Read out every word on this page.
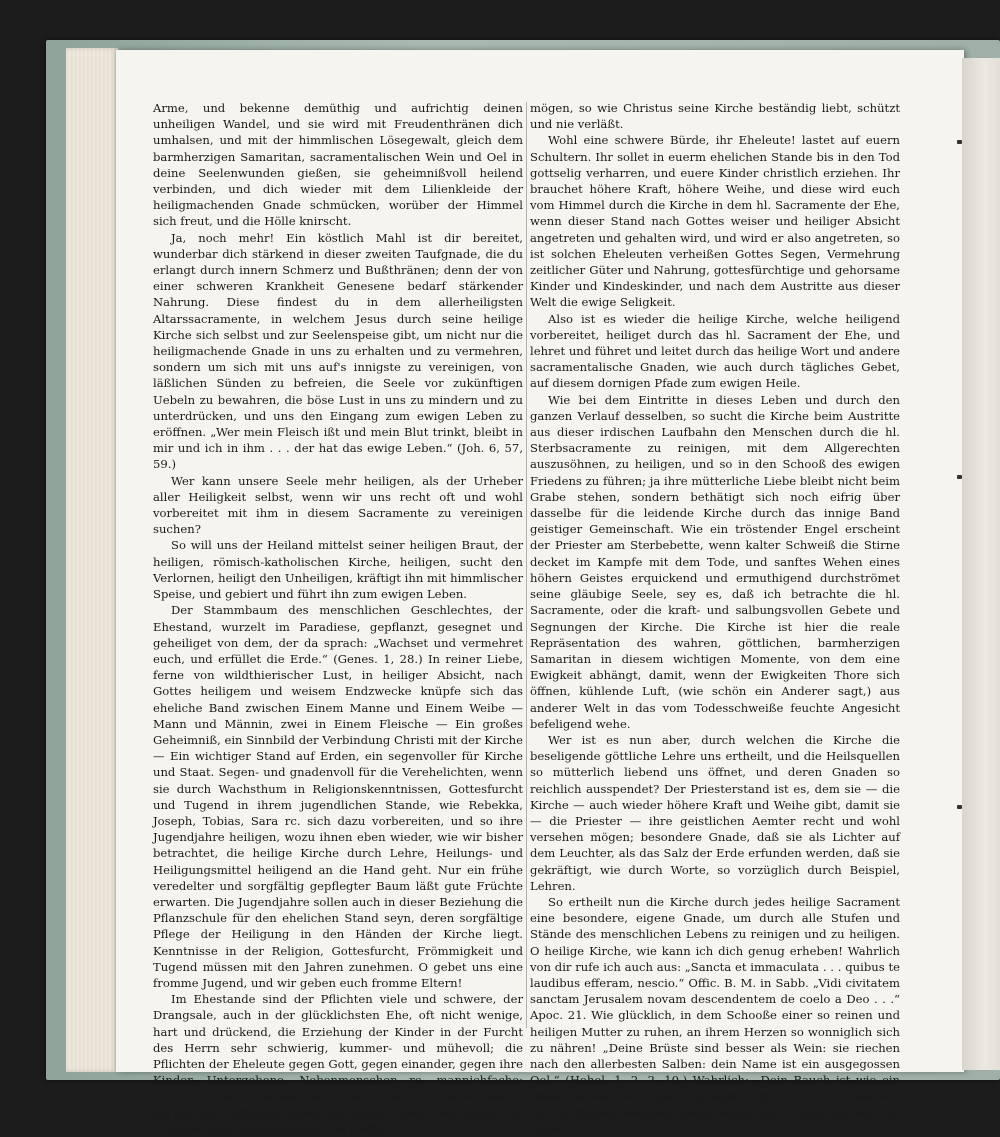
Arme, und bekenne demüthig und aufrichtig deinen unheiligen Wandel, und sie wird mit Freudenthränen dich umhalsen, und mit der himmlischen Lösegewalt, gleich dem barmherzigen Samaritan, sacramentalischen Wein und Oel in deine Seelenwunden gießen, sie geheimnißvoll heilend verbinden, und dich wieder mit dem Lilienkleide der heiligmachenden Gnade schmücken, worüber der Himmel sich freut, und die Hölle knirscht.

Ja, noch mehr! Ein köstlich Mahl ist dir bereitet, wunderbar dich stärkend in dieser zweiten Taufgnade, die du erlangt durch innern Schmerz und Bußthränen; denn der von einer schweren Krankheit Genesene bedarf stärkender Nahrung. Diese findest du in dem allerheiligsten Altarssacramente, in welchem Jesus durch seine heilige Kirche sich selbst und zur Seelenspeise gibt, um nicht nur die heiligmachende Gnade in uns zu erhalten und zu vermehren, sondern um sich mit uns auf's innigste zu vereinigen, von läßlichen Sünden zu befreien, die Seele vor zukünftigen Uebeln zu bewahren, die böse Lust in uns zu mindern und zu unterdrücken, und uns den Eingang zum ewigen Leben zu eröffnen. „Wer mein Fleisch ißt und mein Blut trinkt, bleibt in mir und ich in ihm . . . der hat das ewige Leben.“ (Joh. 6, 57, 59.)

Wer kann unsere Seele mehr heiligen, als der Urheber aller Heiligkeit selbst, wenn wir uns recht oft und wohl vorbereitet mit ihm in diesem Sacramente zu vereinigen suchen?

So will uns der Heiland mittelst seiner heiligen Braut, der heiligen, römisch-katholischen Kirche, heiligen, sucht den Verlornen, heiligt den Unheiligen, kräftigt ihn mit himmlischer Speise, und gebiert und führt ihn zum ewigen Leben.

Der Stammbaum des menschlichen Geschlechtes, der Ehestand, wurzelt im Paradiese, gepflanzt, gesegnet und geheiliget von dem, der da sprach: „Wachset und vermehret euch, und erfüllet die Erde.“ (Genes. 1, 28.) In reiner Liebe, ferne von wildthierischer Lust, in heiliger Absicht, nach Gottes heiligem und weisem Endzwecke knüpfe sich das eheliche Band zwischen Einem Manne und Einem Weibe — Mann und Männin, zwei in Einem Fleische — Ein großes Geheimniß, ein Sinnbild der Verbindung Christi mit der Kirche — Ein wichtiger Stand auf Erden, ein segenvoller für Kirche und Staat. Segen- und gnadenvoll für die Verehelichten, wenn sie durch Wachsthum in Religionskenntnissen, Gottesfurcht und Tugend in ihrem jugendlichen Stande, wie Rebekka, Joseph, Tobias, Sara rc. sich dazu vorbereiten, und so ihre Jugendjahre heiligen, wozu ihnen eben wieder, wie wir bisher betrachtet, die heilige Kirche durch Lehre, Heilungs- und Heiligungsmittel heiligend an die Hand geht. Nur ein frühe veredelter und sorgfältig gepflegter Baum läßt gute Früchte erwarten. Die Jugendjahre sollen auch in dieser Beziehung die Pflanzschule für den ehelichen Stand seyn, deren sorgfältige Pflege der Heiligung in den Händen der Kirche liegt. Kenntnisse in der Religion, Gottesfurcht, Frömmigkeit und Tugend müssen mit den Jahren zunehmen. O gebet uns eine fromme Jugend, und wir geben euch fromme Eltern!

Im Ehestande sind der Pflichten viele und schwere, der Drangsale, auch in der glücklichsten Ehe, oft nicht wenige, hart und drückend, die Erziehung der Kinder in der Furcht des Herrn sehr schwierig, kummer- und mühevoll; die Pflichten der Eheleute gegen Gott, gegen einander, gegen ihre Kinder, Untergebene, Nebenmenschen rc. mannichfache; Eheleute sollen einander lieben, schützen, und nie verlassen, als getreue Gefährten durch das ganze Leben, was immer für Trübsale und Mühseligkeiten sie treffen

mögen, so wie Christus seine Kirche beständig liebt, schützt und nie verläßt.

Wohl eine schwere Bürde, ihr Eheleute! lastet auf euern Schultern. Ihr sollet in euerm ehelichen Stande bis in den Tod gottselig verharren, und euere Kinder christlich erziehen. Ihr brauchet höhere Kraft, höhere Weihe, und diese wird euch vom Himmel durch die Kirche in dem hl. Sacramente der Ehe, wenn dieser Stand nach Gottes weiser und heiliger Absicht angetreten und gehalten wird, und wird er also angetreten, so ist solchen Eheleuten verheißen Gottes Segen, Vermehrung zeitlicher Güter und Nahrung, gottesfürchtige und gehorsame Kinder und Kindeskinder, und nach dem Austritte aus dieser Welt die ewige Seligkeit.

Also ist es wieder die heilige Kirche, welche heiligend vorbereitet, heiliget durch das hl. Sacrament der Ehe, und lehret und führet und leitet durch das heilige Wort und andere sacramentalische Gnaden, wie auch durch tägliches Gebet, auf diesem dornigen Pfade zum ewigen Heile.

Wie bei dem Eintritte in dieses Leben und durch den ganzen Verlauf desselben, so sucht die Kirche beim Austritte aus dieser irdischen Laufbahn den Menschen durch die hl. Sterbsacramente zu reinigen, mit dem Allgerechten auszusöhnen, zu heiligen, und so in den Schooß des ewigen Friedens zu führen; ja ihre mütterliche Liebe bleibt nicht beim Grabe stehen, sondern bethätigt sich noch eifrig über dasselbe für die leidende Kirche durch das innige Band geistiger Gemeinschaft. Wie ein tröstender Engel erscheint der Priester am Sterbebette, wenn kalter Schweiß die Stirne decket im Kampfe mit dem Tode, und sanftes Wehen eines höhern Geistes erquickend und ermuthigend durchströmet seine gläubige Seele, sey es, daß ich betrachte die hl. Sacramente, oder die kraft- und salbungsvollen Gebete und Segnungen der Kirche. Die Kirche ist hier die reale Repräsentation des wahren, göttlichen, barmherzigen Samaritan in diesem wichtigen Momente, von dem eine Ewigkeit abhängt, damit, wenn der Ewigkeiten Thore sich öffnen, kühlende Luft, (wie schön ein Anderer sagt,) aus anderer Welt in das vom Todesschweiße feuchte Angesicht befeligend wehe.

Wer ist es nun aber, durch welchen die Kirche die beseligende göttliche Lehre uns ertheilt, und die Heilsquellen so mütterlich liebend uns öffnet, und deren Gnaden so reichlich ausspendet? Der Priesterstand ist es, dem sie — die Kirche — auch wieder höhere Kraft und Weihe gibt, damit sie — die Priester — ihre geistlichen Aemter recht und wohl versehen mögen; besondere Gnade, daß sie als Lichter auf dem Leuchter, als das Salz der Erde erfunden werden, daß sie gekräftigt, wie durch Worte, so vorzüglich durch Beispiel, Lehren.

So ertheilt nun die Kirche durch jedes heilige Sacrament eine besondere, eigene Gnade, um durch alle Stufen und Stände des menschlichen Lebens zu reinigen und zu heiligen. O heilige Kirche, wie kann ich dich genug erheben! Wahrlich von dir rufe ich auch aus: „Sancta et immaculata . . . quibus te laudibus efferam, nescio.“ Offic. B. M. in Sabb. „Vidi civitatem sanctam Jerusalem novam descendentem de coelo a Deo . . .“ Apoc. 21. Wie glücklich, in dem Schooße einer so reinen und heiligen Mutter zu ruhen, an ihrem Herzen so wonniglich sich zu nähren! „Deine Brüste sind besser als Wein: sie riechen nach den allerbesten Salben: dein Name ist ein ausgegossen Oel.“ (Hohel. 1, 2. 2, 10.) Wahrlich: „Dein Bauch ist wie ein Waizenhaufen, von Lilien umlagert.“ (Hohel. 7, 2.) Was von der göttlichen Weisheit geschrieben steht, höre ich von dir sagen
